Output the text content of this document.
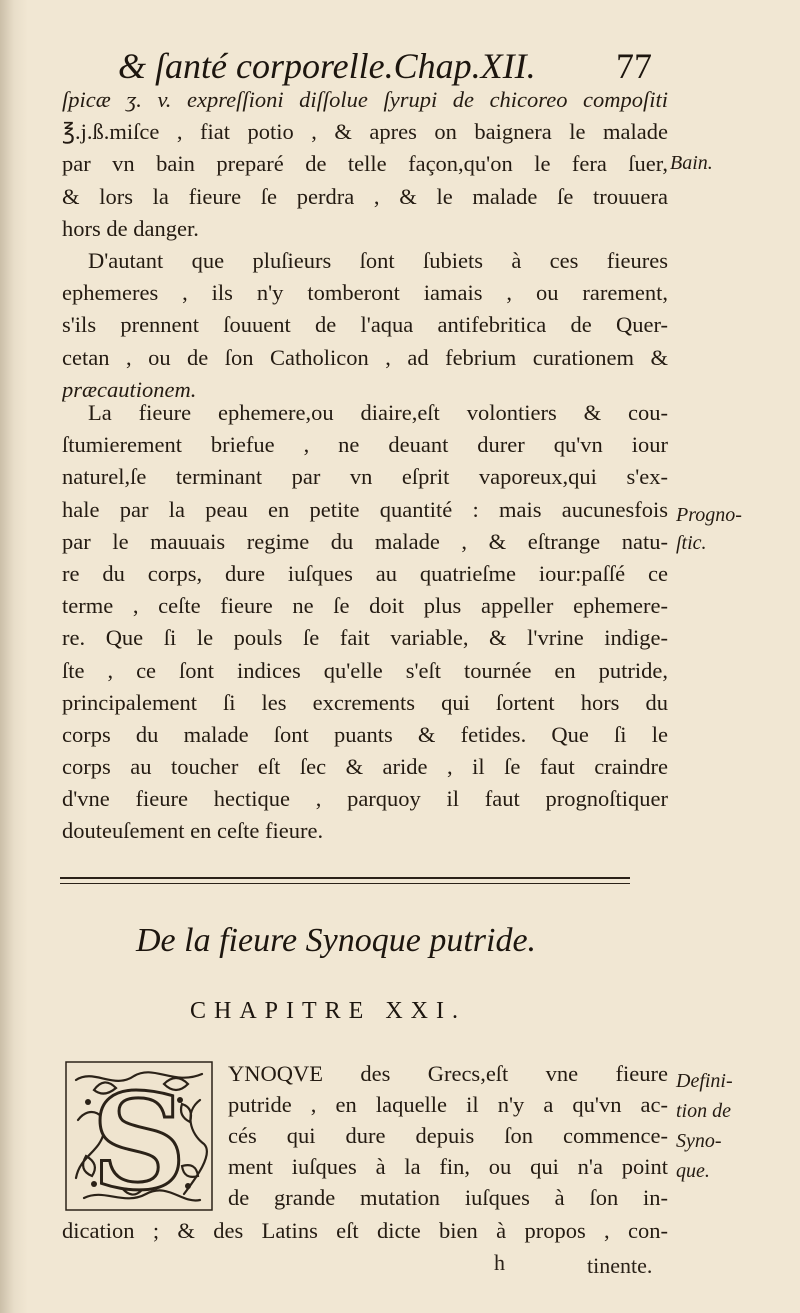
& ſanté corporelle.Chap.XII. 77
ſpicæ ʒ. v. expreſſioni diſſolue ſyrupi de chicoreo compoſiti
℥.j.ß.miſce , fiat potio , & apres on baignera le malade
par vn bain preparé de telle façon,qu'on le fera ſuer,
& lors la fieure ſe perdra , & le malade ſe trouuera
hors de danger.
D'autant que pluſieurs ſont ſubiets à ces fieures
ephemeres , ils n'y tomberont iamais , ou rarement,
s'ils prennent ſouuent de l'aqua antifebritica de Quer-
cetan , ou de ſon Catholicon , ad febrium curationem &
præcautionem.
La fieure ephemere,ou diaire,eſt volontiers & cou-
ſtumierement briefue , ne deuant durer qu'vn iour
naturel,ſe terminant par vn eſprit vaporeux,qui s'ex-
hale par la peau en petite quantité : mais aucunesfois
par le mauuais regime du malade , & eſtrange natu-
re du corps, dure iuſques au quatrieſme iour:paſſé ce
terme , ceſte fieure ne ſe doit plus appeller ephemere-
re. Que ſi le pouls ſe fait variable, & l'vrine indige-
ſte , ce ſont indices qu'elle s'eſt tournée en putride,
principalement ſi les excrements qui ſortent hors du
corps du malade ſont puants & fetides. Que ſi le
corps au toucher eſt ſec & aride , il ſe faut craindre
d'vne fieure hectique , parquoy il faut prognoſtiquer
douteuſement en ceſte fieure.
Bain.
Progno-
ſtic.
De la fieure Synoque putride.
CHAPITRE XXI.
S YNOQVE des Grecs,eſt vne fieure
putride , en laquelle il n'y a qu'vn ac-
cés qui dure depuis ſon commence-
ment iuſques à la fin, ou qui n'a point
de grande mutation iuſques à ſon in-
dication ; & des Latins eſt dicte bien à propos , con-
Defini-
tion de
Syno-
que.
h	tinente.
